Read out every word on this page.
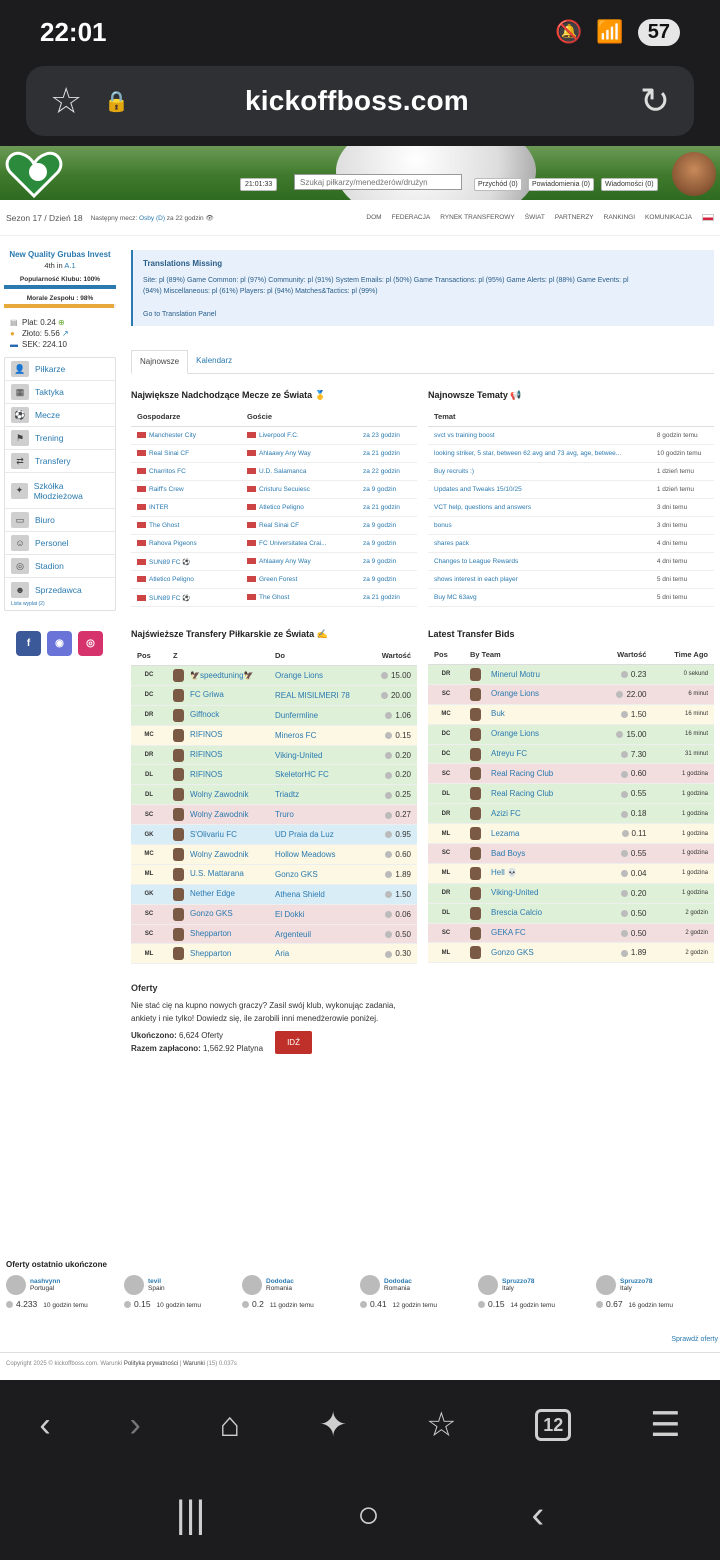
22:01	🔕 📶	57
☆	🔒	kickoffboss.com	↻
21:01:33
Szukaj piłkarzy/menedżerów/drużyn	Przychód (0)	Powiadomienia (0)	Wiadomości (0)
Sezon 17 / Dzień 18 Następny mecz: Osby (D) za 22 godzin 👁	DOM FEDERACJA RYNEK TRANSFEROWY ŚWIAT PARTNERZY RANKINGI KOMUNIKACJA
New Quality Grubas Invest
4th in A.1
Popularność Klubu: 100%
Morale Zespołu : 98%
▤ Plat: 0.24 ⊕
● Złoto: 5.56 ↗
▬ SEK: 224.10
👤	Piłkarze
▦	Taktyka
⚽	Mecze
⚑	Trening
⇄	Transfery
✦	Szkółka Młodzieżowa
▭	Biuro
☺	Personel
◎	Stadion
☻	Sprzedawca
Lista wyplat (2)
f	◉	◎
Translations Missing
Site: pl (89%) Game Common: pl (97%) Community: pl (91%) System Emails: pl (50%) Game Transactions: pl (95%) Game Alerts: pl (88%) Game Events: pl
(94%) Miscellaneous: pl (61%) Players: pl (94%) Matches&Tactics: pl (99%)
Go to Translation Panel
Najnowsze	Kalendarz
Największe Nadchodzące Mecze ze Świata 🥇
Gospodarze	Goście	
Manchester City	Liverpool F.C.	za 23 godzin
Real Sinai CF	Ahlaawy Any Way	za 21 godzin
Charritos FC	U.D. Salamanca	za 22 godzin
Raiff's Crew	Cristuru Secuiesc	za 9 godzin
INTER	Atletico Peligno	za 21 godzin
The Ghost	Real Sinai CF	za 9 godzin
Rahova Pigeons	FC Universitatea Crai...	za 9 godzin
SUN89 FC ⚽	Ahlaawy Any Way	za 9 godzin
Atletico Peligno	Green Forest	za 9 godzin
SUN89 FC ⚽	The Ghost	za 21 godzin
Najnowsze Tematy 📢
Temat	
svct vs training boost	8 godzin temu
looking striker, 5 star, between 62 avg and 73 avg, age, betwee...	10 godzin temu
Buy recruits :)	1 dzień temu
Updates and Tweaks 15/10/25	1 dzień temu
VCT help, questions and answers	3 dni temu
bonus	3 dni temu
shares pack	4 dni temu
Changes to League Rewards	4 dni temu
shows interest in each player	5 dni temu
Buy MC 63avg	5 dni temu
Najświeższe Transfery Piłkarskie ze Świata ✍️
Pos	Z	Do	Wartość
DC	🦅speedtuning🦅	Orange Lions	15.00
DC	FC Griwa	REAL MISILMERI 78	20.00
DR	Giffnock	Dunfermline	1.06
MC	RIFINOS	Mineros FC	0.15
DR	RIFINOS	Viking-United	0.20
DL	RIFINOS	SkeletorHC FC	0.20
DL	Wolny Zawodnik	Triadtz	0.25
SC	Wolny Zawodnik	Truro	0.27
GK	S'Olivariu FC	UD Praia da Luz	0.95
MC	Wolny Zawodnik	Hollow Meadows	0.60
ML	U.S. Mattarana	Gonzo GKS	1.89
GK	Nether Edge	Athena Shield	1.50
SC	Gonzo GKS	El Dokki	0.06
SC	Shepparton	Argenteuil	0.50
ML	Shepparton	Aria	0.30
Latest Transfer Bids
Pos	By Team	Wartość	Time Ago
DR	Minerul Motru	0.23	0 sekund
SC	Orange Lions	22.00	6 minut
MC	Buk	1.50	16 minut
DC	Orange Lions	15.00	16 minut
DC	Atreyu FC	7.30	31 minut
SC	Real Racing Club	0.60	1 godzina
DL	Real Racing Club	0.55	1 godzina
DR	Azizi FC	0.18	1 godzina
ML	Lezama	0.11	1 godzina
SC	Bad Boys	0.55	1 godzina
ML	Hell 💀	0.04	1 godzina
DR	Viking-United	0.20	1 godzina
DL	Brescia Calcio	0.50	2 godzin
SC	GEKA FC	0.50	2 godzin
ML	Gonzo GKS	1.89	2 godzin
Oferty
Nie stać cię na kupno nowych graczy? Zasil swój klub, wykonując zadania, ankiety i nie tylko! Dowiedz się, ile zarobili inni menedżerowie poniżej.
Ukończono: 6,624 Oferty
Razem zapłacono: 1,562.92 Platyna
IDŹ
Oferty ostatnio ukończone
nashvynn
Portugal
4.233 10 godzin temu
tevil
Spain
0.15 10 godzin temu
Dododac
Romania
0.2 11 godzin temu
Dododac
Romania
0.41 12 godzin temu
Spruzzo78
Italy
0.15 14 godzin temu
Spruzzo78
Italy
0.67 16 godzin temu
Sprawdź oferty
Copyright 2025 © kickoffboss.com. Warunki Polityka prywatności | Warunki (15) 0.037s
‹ › ⌂ ✦ ☆	12	☰
|||	○	‹
